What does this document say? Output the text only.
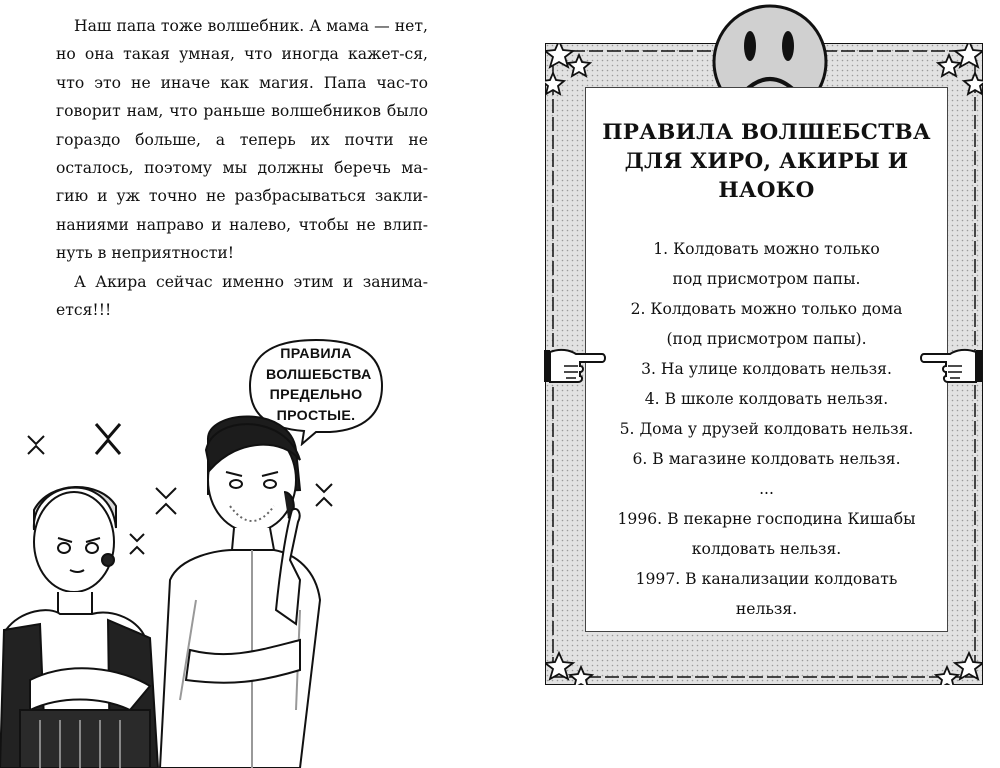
Наш папа тоже волшебник. А мама — нет, но она такая умная, что иногда кажет-ся, что это не иначе как магия. Папа час-то говорит нам, что раньше волшебников было гораздо больше, а теперь их почти не осталось, поэтому мы должны беречь ма-гию и уж точно не разбрасываться закли-наниями направо и налево, чтобы не влип-нуть в неприятности!

А Акира сейчас именно этим и занима-ется!!!

ПРАВИЛА ВОЛШЕБСТВА ПРЕДЕЛЬНО ПРОСТЫЕ.
ПРАВИЛА ВОЛШЕБСТВА ДЛЯ ХИРО, АКИРЫ И НАОКО
1. Колдовать можно только
под присмотром папы.
2. Колдовать можно только дома
(под присмотром папы).
3. На улице колдовать нельзя.
4. В школе колдовать нельзя.
5. Дома у друзей колдовать нельзя.
6. В магазине колдовать нельзя.
...
1996. В пекарне господина Кишабы
колдовать нельзя.
1997. В канализации колдовать
нельзя.
